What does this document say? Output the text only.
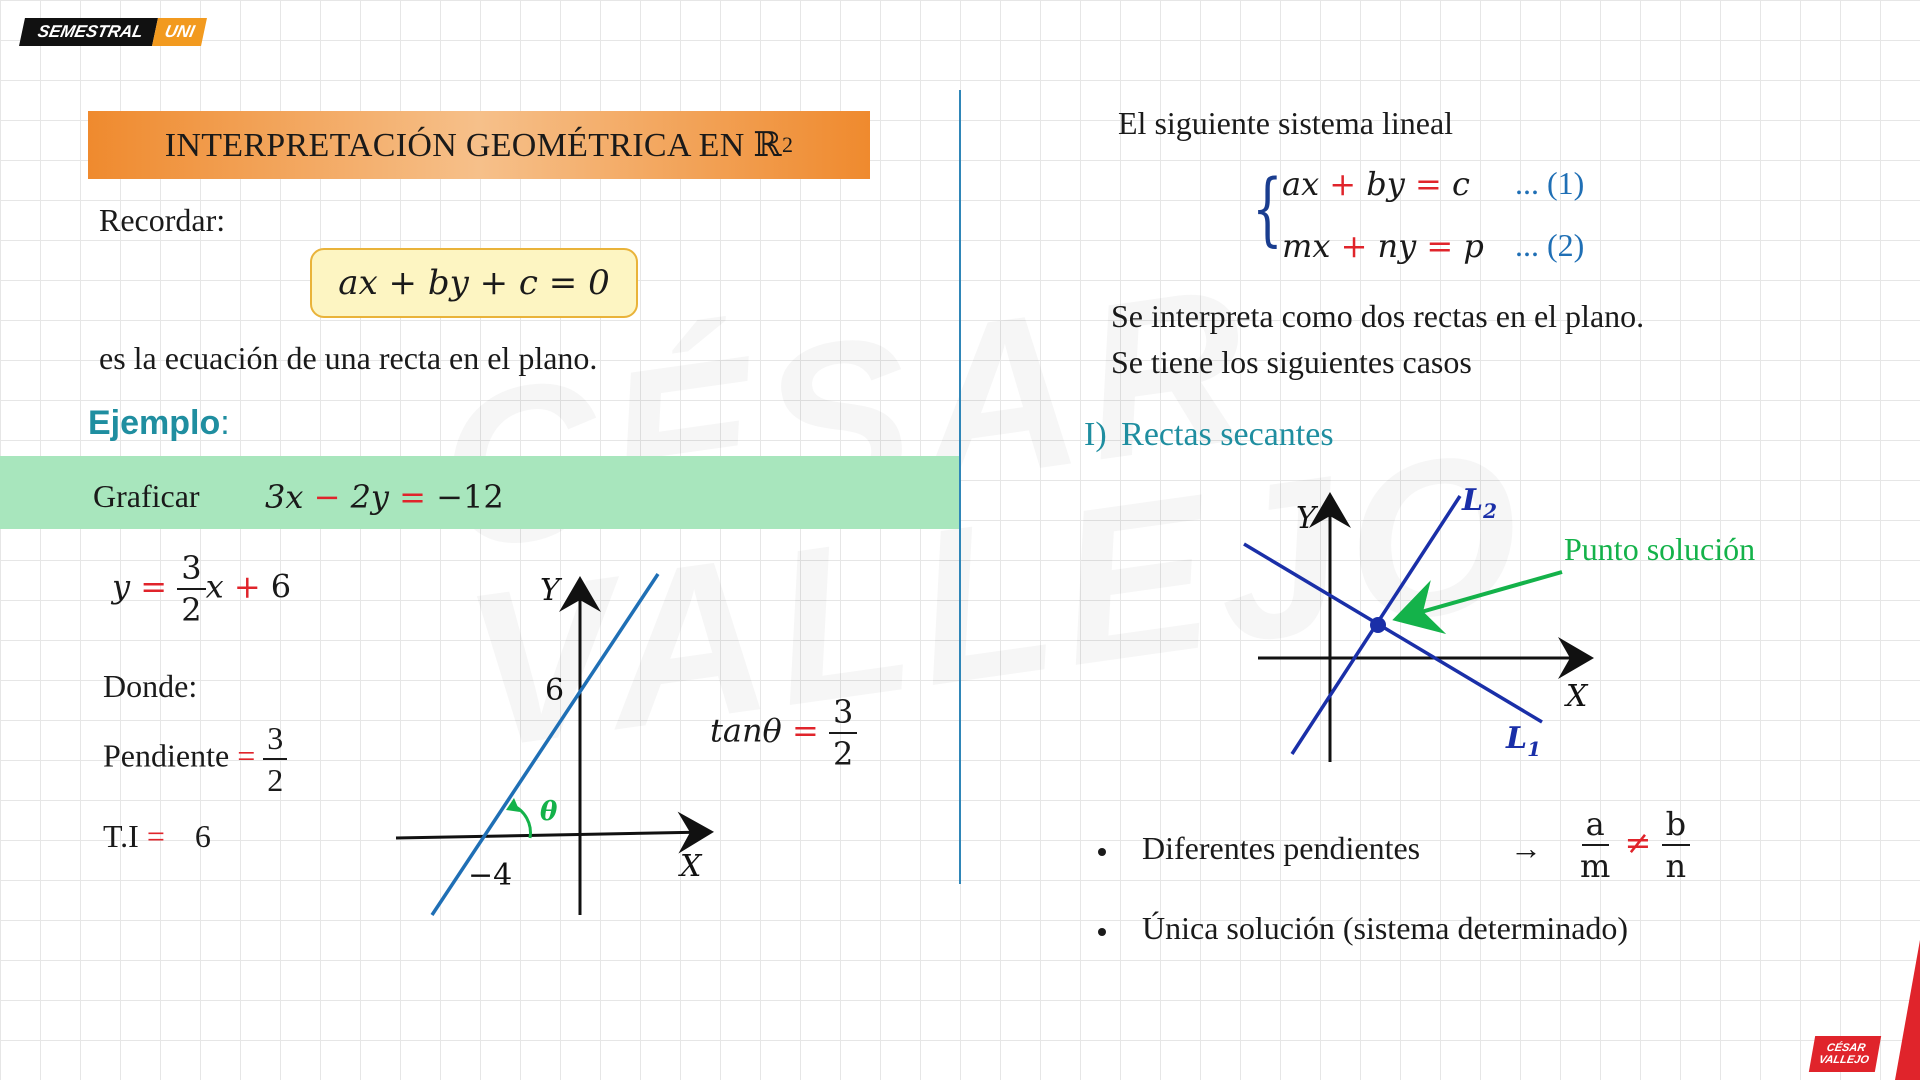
SEMESTRAL	UNI
INTERPRETACIÓN GEOMÉTRICA EN ℝ 2
Recordar:
ax + by + c = 0
es la ecuación de una recta en el plano.
Ejemplo:
Graficar 3x − 2y = −12
$y = \frac{3}{2}$ x + 6
Donde:
Pendiente = $\frac{3}{2}$
T.I = 6
$\tan\theta = \frac{3}{2}$
θ
Y
X
6
−4
El siguiente sistema lineal
{ ax + by = c ... (1)
mx + ny = p ... (2)
Se interpreta como dos rectas en el plano.
Se tiene los siguientes casos
I) Rectas secantes
Y
X
$L_2$
$L_1$
Punto solución
Diferentes pendientes	→ $\frac{a}{m} \ne \frac{b}{n}$
Única solución (sistema determinado)
CÉSAR
VALLEJO
